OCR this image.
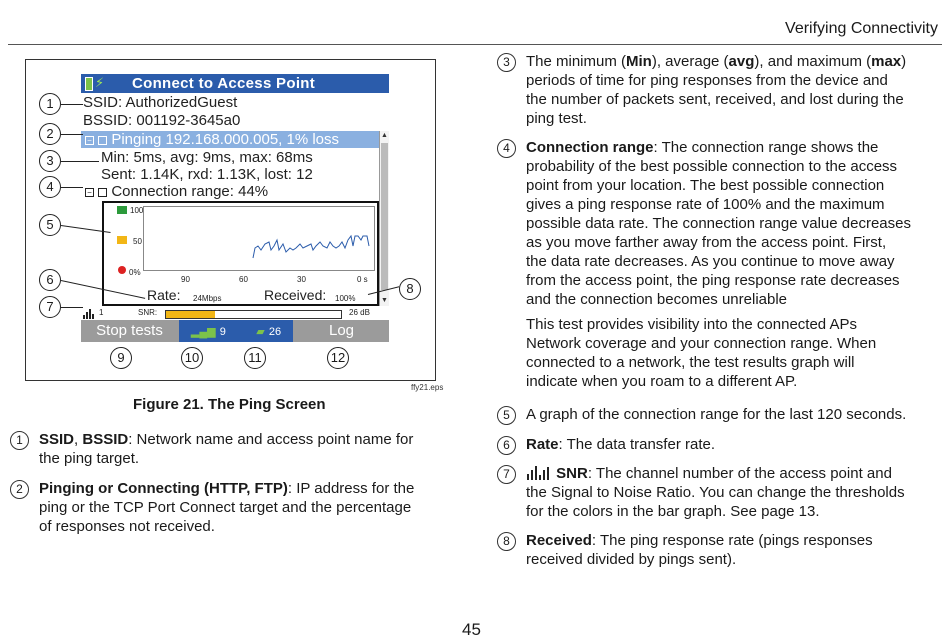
Verifying Connectivity
⚡ Connect to Access Point
SSID: AuthorizedGuest
BSSID: 001192-3645a0
− Pinging 192.168.000.005, 1% loss
Min: 5ms, avg: 9ms, max: 68ms
Sent: 1.14K, rxd: 1.13K, lost: 12
− Connection range: 44%
▲
▼
100
50
0%
90	60	30	0 s
Rate: 24Mbps	Received: 100%
1	SNR:	26 dB
Stop tests	▂▄▆ 9	▰ 26	Log
1
2
3
4
5
6
7
8
9	10	11	12
ffy21.eps
Figure 21. The Ping Screen
1	SSID, BSSID: Network name and access point name for
the ping target.
2	Pinging or Connecting (HTTP, FTP): IP address for the
ping or the TCP Port Connect target and the percentage
of responses not received.
3	The minimum (Min), average (avg), and maximum (max)
periods of time for ping responses from the device and
the number of packets sent, received, and lost during the
ping test.
4	Connection range: The connection range shows the
probability of the best possible connection to the access
point from your location. The best possible connection
gives a ping response rate of 100% and the maximum
possible data rate. The connection range value decreases
as you move farther away from the access point. First,
the data rate decreases. As you continue to move away
from the access point, the ping response rate decreases
and the connection becomes unreliable
This test provides visibility into the connected APs
Network coverage and your connection range. When
connected to a network, the test results graph will
indicate when you roam to a different AP.
5	A graph of the connection range for the last 120 seconds.
6	Rate: The data transfer rate.
7	SNR: The channel number of the access point and
the Signal to Noise Ratio. You can change the thresholds
for the colors in the bar graph. See page 13.
8	Received: The ping response rate (pings responses
received divided by pings sent).
45
